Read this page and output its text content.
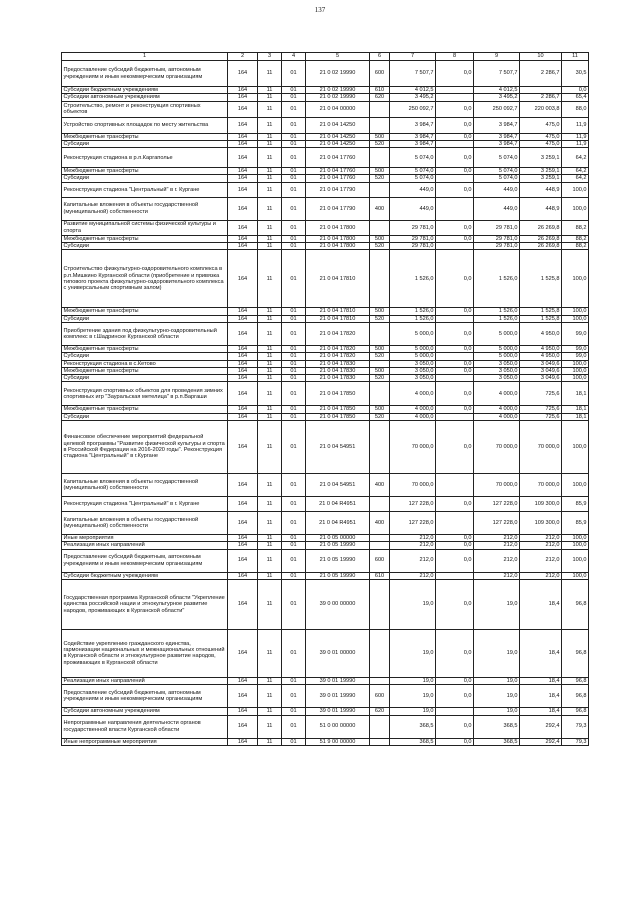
137
1	2	3	4	5	6	7	8	9	10	11
Предоставление субсидий бюджетным, автономным учреждениям и иным некоммерческим организациям	164	11	01	21 0 02 19990	600	7 507,7	0,0	7 507,7	2 286,7	30,5
Субсидии бюджетным учреждениям	164	11	01	21 0 02 19990	610	4 012,5		4 012,5		0,0
Субсидии автономным учреждениям	164	11	01	21 0 02 19990	620	3 495,2		3 495,2	2 286,7	65,4
Строительство, ремонт и реконструкция спортивных объектов	164	11	01	21 0 04 00000		250 092,7	0,0	250 092,7	220 003,8	88,0
Устройство спортивных площадок по месту жительства	164	11	01	21 0 04 14250		3 984,7	0,0	3 984,7	475,0	11,9
Межбюджетные трансферты	164	11	01	21 0 04 14250	500	3 984,7	0,0	3 984,7	475,0	11,9
Субсидии	164	11	01	21 0 04 14250	520	3 984,7		3 984,7	475,0	11,9
Реконструкция стадиона в р.п.Каргаполье	164	11	01	21 0 04 17760		5 074,0	0,0	5 074,0	3 259,1	64,2
Межбюджетные трансферты	164	11	01	21 0 04 17760	500	5 074,0	0,0	5 074,0	3 259,1	64,2
Субсидии	164	11	01	21 0 04 17760	520	5 074,0		5 074,0	3 259,1	64,2
Реконструкция стадиона "Центральный" в г. Кургане	164	11	01	21 0 04 17790		449,0	0,0	449,0	448,9	100,0
Капитальные вложения в объекты государственной (муниципальной) собственности	164	11	01	21 0 04 17790	400	449,0		449,0	448,9	100,0
Развитие муниципальной системы физической культуры и спорта	164	11	01	21 0 04 17800		29 781,0	0,0	29 781,0	26 269,8	88,2
Межбюджетные трансферты	164	11	01	21 0 04 17800	500	29 781,0	0,0	29 781,0	26 269,8	88,2
Субсидии	164	11	01	21 0 04 17800	520	29 781,0		29 781,0	26 269,8	88,2
Строительство физкультурно-оздоровительного комплекса в р.п.Мишкино Курганской области (приобретение и привязка типового проекта физкультурно-оздоровительного комплекса с универсальным спортивным залом)	164	11	01	21 0 04 17810		1 526,0	0,0	1 526,0	1 525,8	100,0
Межбюджетные трансферты	164	11	01	21 0 04 17810	500	1 526,0	0,0	1 526,0	1 525,8	100,0
Субсидии	164	11	01	21 0 04 17810	520	1 526,0		1 526,0	1 525,8	100,0
Приобретение здания под физкультурно-оздоровительный комплекс в г.Шадринске Курганской области	164	11	01	21 0 04 17820		5 000,0	0,0	5 000,0	4 950,0	99,0
Межбюджетные трансферты	164	11	01	21 0 04 17820	500	5 000,0	0,0	5 000,0	4 950,0	99,0
Субсидии	164	11	01	21 0 04 17820	520	5 000,0		5 000,0	4 950,0	99,0
Реконструкция стадиона в с.Кетово	164	11	01	21 0 04 17830		3 050,0	0,0	3 050,0	3 049,6	100,0
Межбюджетные трансферты	164	11	01	21 0 04 17830	500	3 050,0	0,0	3 050,0	3 049,6	100,0
Субсидии	164	11	01	21 0 04 17830	520	3 050,0		3 050,0	3 049,6	100,0
Реконструкция спортивных объектов для проведения зимних спортивных игр "Зауральская метелица" в р.п.Варгаши	164	11	01	21 0 04 17850		4 000,0	0,0	4 000,0	725,6	18,1
Межбюджетные трансферты	164	11	01	21 0 04 17850	500	4 000,0	0,0	4 000,0	725,6	18,1
Субсидии	164	11	01	21 0 04 17850	520	4 000,0		4 000,0	725,6	18,1
Финансовое обеспечение мероприятий федеральной целевой программы "Развитие физической культуры и спорта в Российской Федерации на 2016-2020 годы". Реконструкция стадиона "Центральный" в г.Кургане	164	11	01	21 0 04 54951		70 000,0	0,0	70 000,0	70 000,0	100,0
Капитальные вложения в объекты государственной (муниципальной) собственности	164	11	01	21 0 04 54951	400	70 000,0		70 000,0	70 000,0	100,0
Реконструкция стадиона "Центральный" в г. Кургане	164	11	01	21 0 04 R4951		127 228,0	0,0	127 228,0	109 300,0	85,9
Капитальные вложения в объекты государственной (муниципальной) собственности	164	11	01	21 0 04 R4951	400	127 228,0		127 228,0	109 300,0	85,9
Иные мероприятия	164	11	01	21 0 05 00000		212,0	0,0	212,0	212,0	100,0
Реализация иных направлений	164	11	01	21 0 05 19990		212,0	0,0	212,0	212,0	100,0
Предоставление субсидий бюджетным, автономным учреждениям и иным некоммерческим организациям	164	11	01	21 0 05 19990	600	212,0	0,0	212,0	212,0	100,0
Субсидии бюджетным учреждениям	164	11	01	21 0 05 19990	610	212,0		212,0	212,0	100,0
Государственная программа Курганской области "Укрепление единства российской нации и этнокультурное развитие народов, проживающих в Курганской области"	164	11	01	39 0 00 00000		19,0	0,0	19,0	18,4	96,8
Содействие укреплению гражданского единства, гармонизации национальных и межнациональных отношений в Курганской области и этнокультурное развитие народов, проживающих в Курганской области	164	11	01	39 0 01 00000		19,0	0,0	19,0	18,4	96,8
Реализация иных направлений	164	11	01	39 0 01 19990		19,0	0,0	19,0	18,4	96,8
Предоставление субсидий бюджетным, автономным учреждениям и иным некоммерческим организациям	164	11	01	39 0 01 19990	600	19,0	0,0	19,0	18,4	96,8
Субсидии автономным учреждениям	164	11	01	39 0 01 19990	620	19,0		19,0	18,4	96,8
Непрограммные направления деятельности органов государственной власти Курганской области	164	11	01	51 0 00 00000		368,5	0,0	368,5	292,4	79,3
Иные непрограммные мероприятия	164	11	01	51 9 00 00000		368,5	0,0	368,5	292,4	79,3
